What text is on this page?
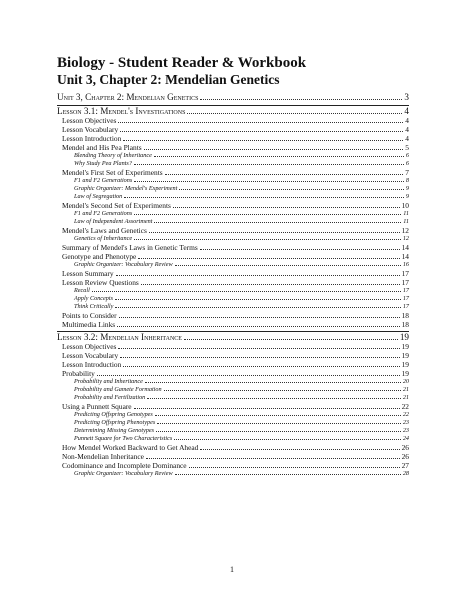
Biology - Student Reader & Workbook
Unit 3, Chapter 2: Mendelian Genetics
Unit 3, Chapter 2: Mendelian Genetics	3
Lesson 3.1: Mendel's Investigations	4
Lesson Objectives	4
Lesson Vocabulary	4
Lesson Introduction	4
Mendel and His Pea Plants	5
Blending Theory of Inheritance	6
Why Study Pea Plants?	6
Mendel's First Set of Experiments	7
F1 and F2 Generations	8
Graphic Organizer: Mendel's Experiment	9
Law of Segregation	9
Mendel's Second Set of Experiments	10
F1 and F2 Generations	11
Law of Independent Assortment	11
Mendel's Laws and Genetics	12
Genetics of Inheritance	12
Summary of Mendel's Laws in Genetic Terms	14
Genotype and Phenotype	14
Graphic Organizer: Vocabulary Review	16
Lesson Summary	17
Lesson Review Questions	17
Recall	17
Apply Concepts	17
Think Critically	17
Points to Consider	18
Multimedia Links	18
Lesson 3.2: Mendelian Inheritance	19
Lesson Objectives	19
Lesson Vocabulary	19
Lesson Introduction	19
Probability	19
Probability and Inheritance	20
Probability and Gamete Formation	21
Probability and Fertilization	21
Using a Punnett Square	22
Predicting Offspring Genotypes	22
Predicting Offspring Phenotypes	23
Determining Missing Genotypes	23
Punnett Square for Two Characteristics	24
How Mendel Worked Backward to Get Ahead	26
Non-Mendelian Inheritance	26
Codominance and Incomplete Dominance	27
Graphic Organizer: Vocabulary Review	28
1
